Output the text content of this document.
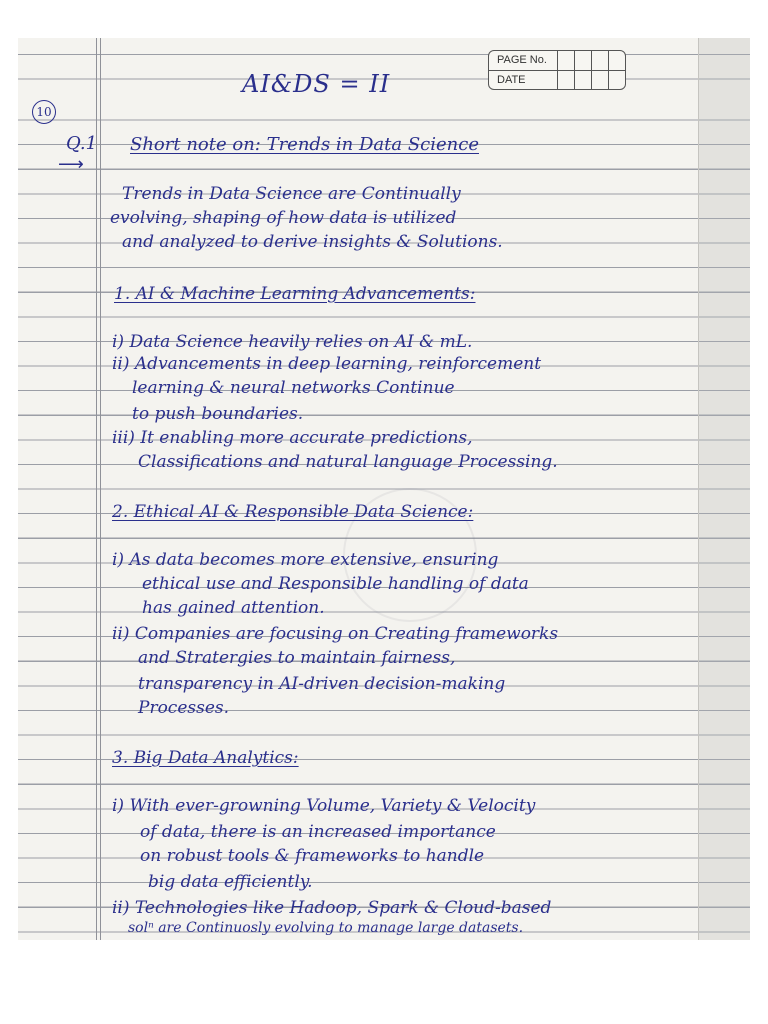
PAGE No.
DATE
AI&DS = II
10
Q.1
⟶
Short note on: Trends in Data Science
Trends in Data Science are Continually
evolving, shaping of how data is utilized
and analyzed to derive insights & Solutions.
1. AI & Machine Learning Advancements:
i) Data Science heavily relies on AI & mL.
ii) Advancements in deep learning, reinforcement
learning & neural networks Continue
to push boundaries.
iii) It enabling more accurate predictions,
Classifications and natural language Processing.
2. Ethical AI & Responsible Data Science:
i) As data becomes more extensive, ensuring
ethical use and Responsible handling of data
has gained attention.
ii) Companies are focusing on Creating frameworks
and Stratergies to maintain fairness,
transparency in AI-driven decision-making
Processes.
3. Big Data Analytics:
i) With ever-growning Volume, Variety & Velocity
of data, there is an increased importance
on robust tools & frameworks to handle
big data efficiently.
ii) Technologies like Hadoop, Spark & Cloud-based
solⁿ are Continuosly evolving to manage large datasets.
